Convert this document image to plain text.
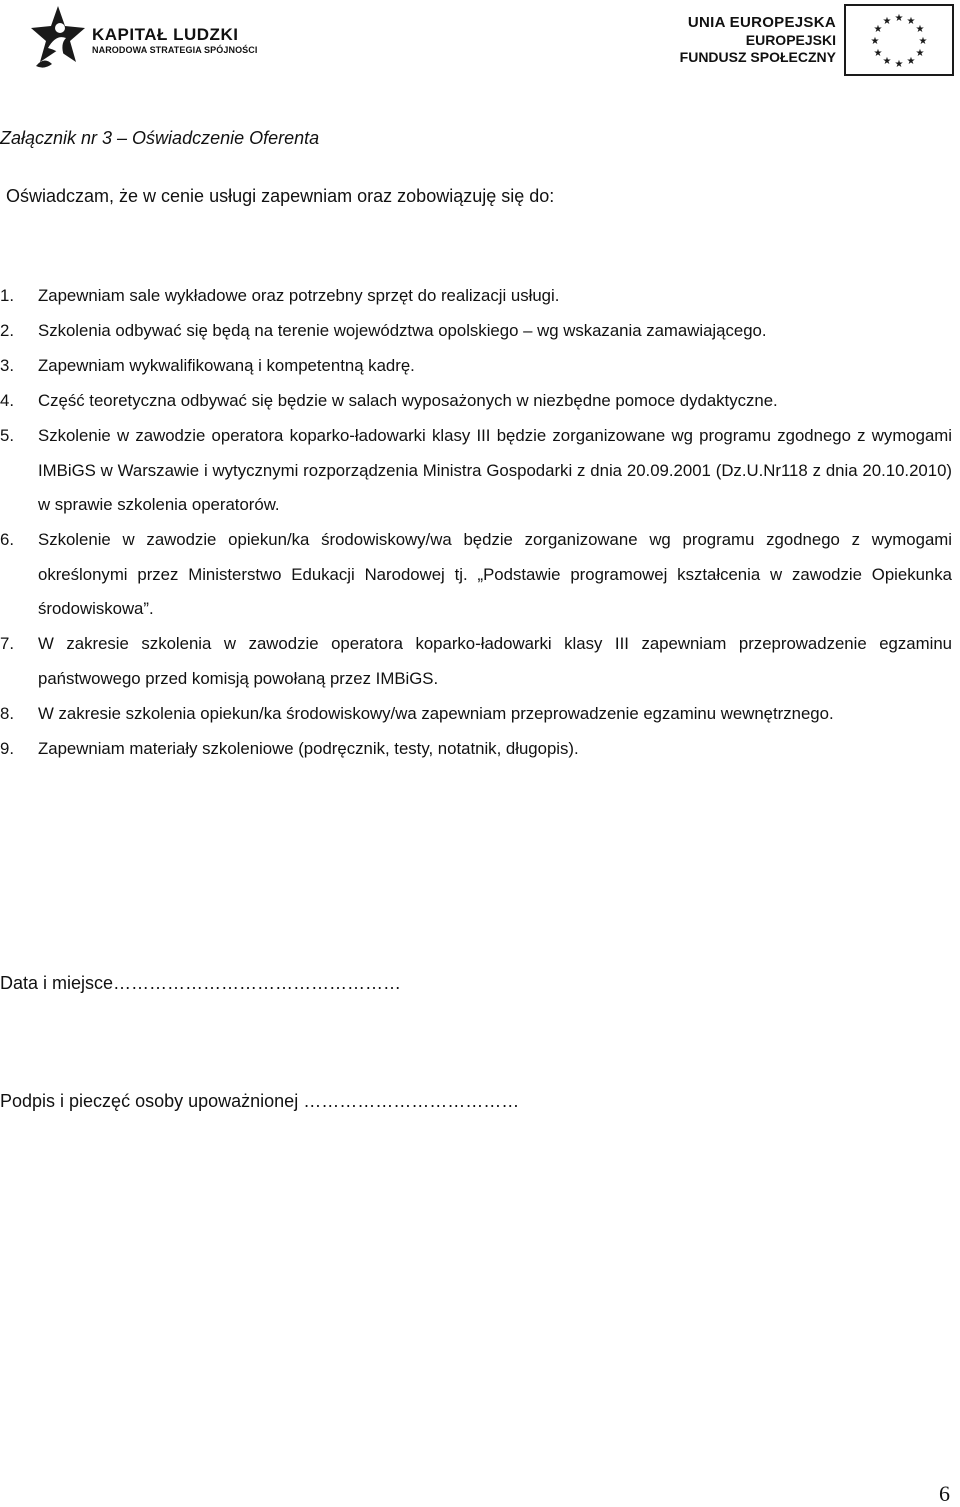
KAPITAŁ LUDZKI
NARODOWA STRATEGIA SPÓJNOŚCI
UNIA EUROPEJSKA
EUROPEJSKI
FUNDUSZ SPOŁECZNY
★ ★
★
★
★
★
★
★
★
★
★
★

Załącznik nr 3 – Oświadczenie Oferenta

Oświadczam, że w cenie usługi zapewniam oraz zobowiązuję się do:

1. Zapewniam sale wykładowe oraz potrzebny sprzęt do realizacji usługi.
2. Szkolenia odbywać się będą na terenie województwa opolskiego – wg wskazania zamawiającego.
3. Zapewniam wykwalifikowaną i kompetentną kadrę.
4. Część teoretyczna odbywać się będzie w salach wyposażonych w niezbędne pomoce dydaktyczne.
5. Szkolenie w zawodzie operatora koparko-ładowarki klasy III będzie zorganizowane wg programu zgodnego z wymogami IMBiGS w Warszawie i wytycznymi rozporządzenia Ministra Gospodarki z dnia 20.09.2001 (Dz.U.Nr118 z dnia 20.10.2010) w sprawie szkolenia operatorów.
6. Szkolenie w zawodzie opiekun/ka środowiskowy/wa będzie zorganizowane wg programu zgodnego z wymogami określonymi przez Ministerstwo Edukacji Narodowej tj. „Podstawie programowej kształcenia w zawodzie Opiekunka środowiskowa”.
7. W zakresie szkolenia w zawodzie operatora koparko-ładowarki klasy III zapewniam przeprowadzenie egzaminu państwowego przed komisją powołaną przez IMBiGS.
8. W zakresie szkolenia opiekun/ka środowiskowy/wa zapewniam przeprowadzenie egzaminu wewnętrznego.
9. Zapewniam materiały szkoleniowe (podręcznik, testy, notatnik, długopis).

Data i miejsce…………………………………………

Podpis i pieczęć osoby upoważnionej ………………………………

6
